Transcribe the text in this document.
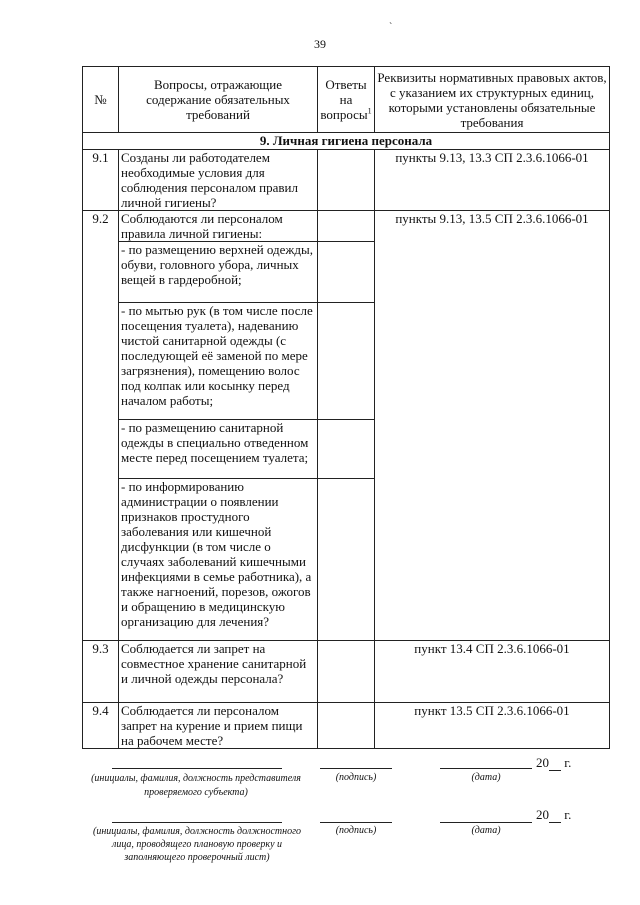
39
`
№	Вопросы, отражающие содержание обязательных требований	Ответы на вопросы$^1$	Реквизиты нормативных правовых актов, с указанием их структурных единиц, которыми установлены обязательные требования
9. Личная гигиена персонала			
9.1	Созданы ли работодателем необходимые условия для соблюдения персоналом правил личной гигиены?		пункты 9.13, 13.3 СП 2.3.6.1066-01
9.2	Соблюдаются ли персоналом правила личной гигиены:		пункты 9.13, 13.5 СП 2.3.6.1066-01
	- по размещению верхней одежды, обуви, головного убора, личных вещей в гардеробной;		
	- по мытью рук (в том числе после посещения туалета), надеванию чистой санитарной одежды (с последующей её заменой по мере загрязнения), помещению волос под колпак или косынку перед началом работы;		
	- по размещению санитарной одежды в специально отведенном месте перед посещением туалета;		
	- по информированию администрации о появлении признаков простудного заболевания или кишечной дисфункции (в том числе о случаях заболеваний кишечными инфекциями в семье работника), а также нагноений, порезов, ожогов и обращению в медицинскую организацию для лечения?		
9.3	Соблюдается ли запрет на совместное хранение санитарной и личной одежды персонала?		пункт 13.4 СП 2.3.6.1066-01
9.4	Соблюдается ли персоналом запрет на курение и прием пищи на рабочем месте?		пункт 13.5 СП 2.3.6.1066-01
20 г.
(инициалы, фамилия, должность представителя проверяемого субъекта)
(подпись)	(дата)
20 г.
(инициалы, фамилия, должность должностного лица, проводящего плановую проверку и заполняющего проверочный лист)
(подпись)	(дата)
